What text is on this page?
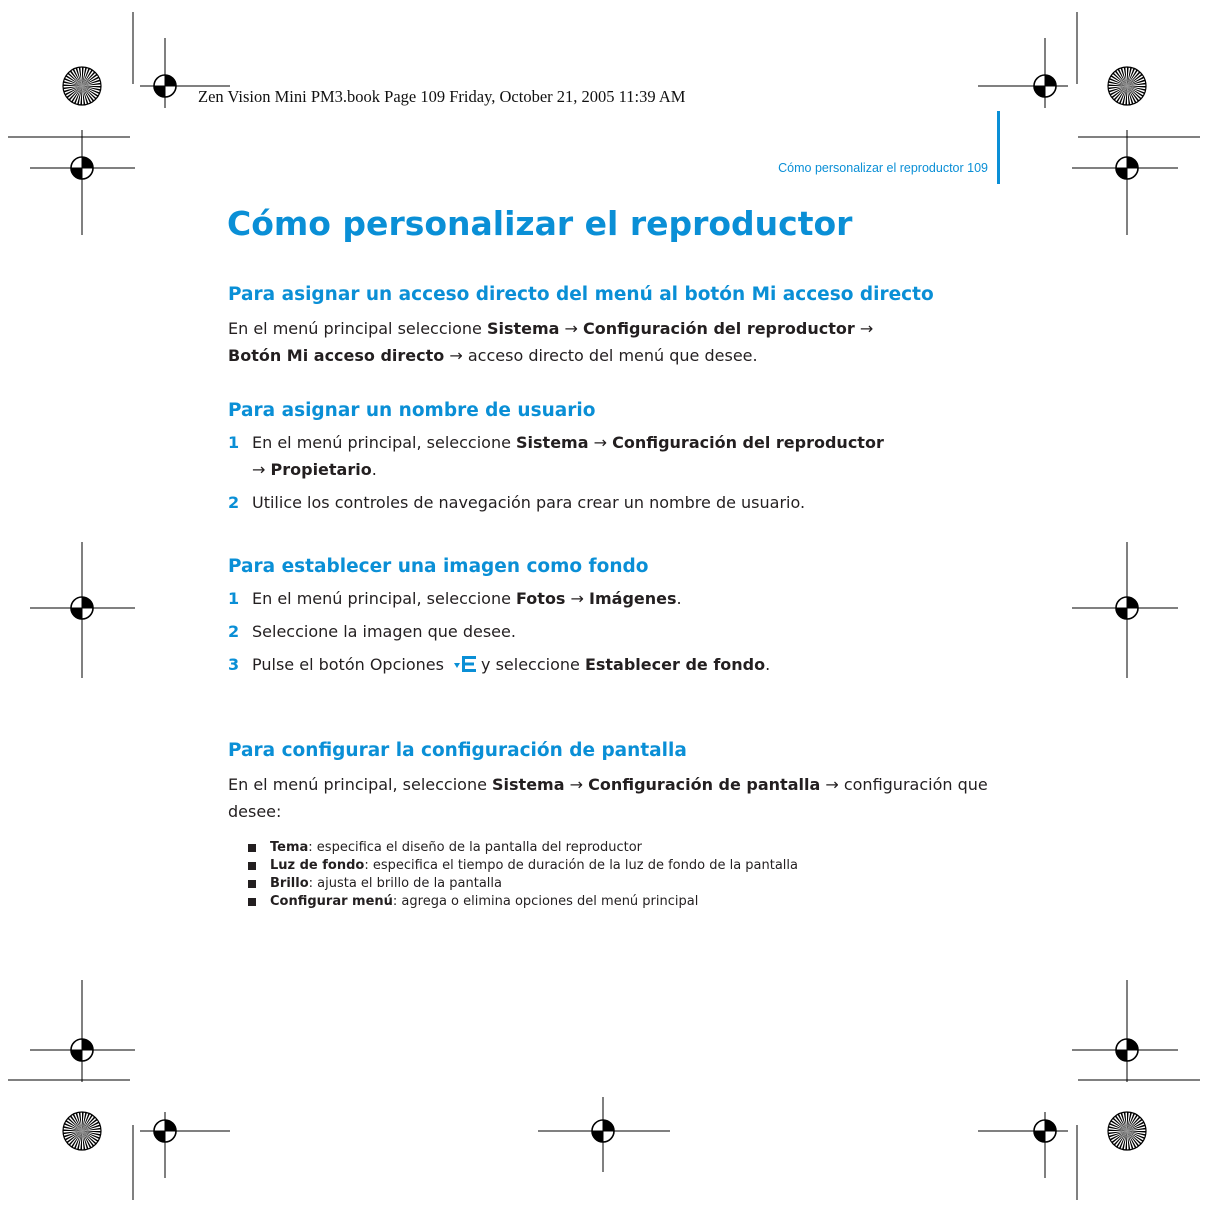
Zen Vision Mini PM3.book Page 109 Friday, October 21, 2005 11:39 AM
Cómo personalizar el reproductor 109
Cómo personalizar el reproductor
Para asignar un acceso directo del menú al botón Mi acceso directo
En el menú principal seleccione Sistema → Configuración del reproductor →
Botón Mi acceso directo → acceso directo del menú que desee.
Para asignar un nombre de usuario
1 En el menú principal, seleccione Sistema → Configuración del reproductor
→ Propietario.
2 Utilice los controles de navegación para crear un nombre de usuario.
Para establecer una imagen como fondo
1 En el menú principal, seleccione Fotos → Imágenes.
2 Seleccione la imagen que desee.
3 Pulse el botón Opciones y seleccione Establecer de fondo.
Para configurar la configuración de pantalla
En el menú principal, seleccione Sistema → Configuración de pantalla → configuración que desee:
Tema: especifica el diseño de la pantalla del reproductor
Luz de fondo: especifica el tiempo de duración de la luz de fondo de la pantalla
Brillo: ajusta el brillo de la pantalla
Configurar menú: agrega o elimina opciones del menú principal
